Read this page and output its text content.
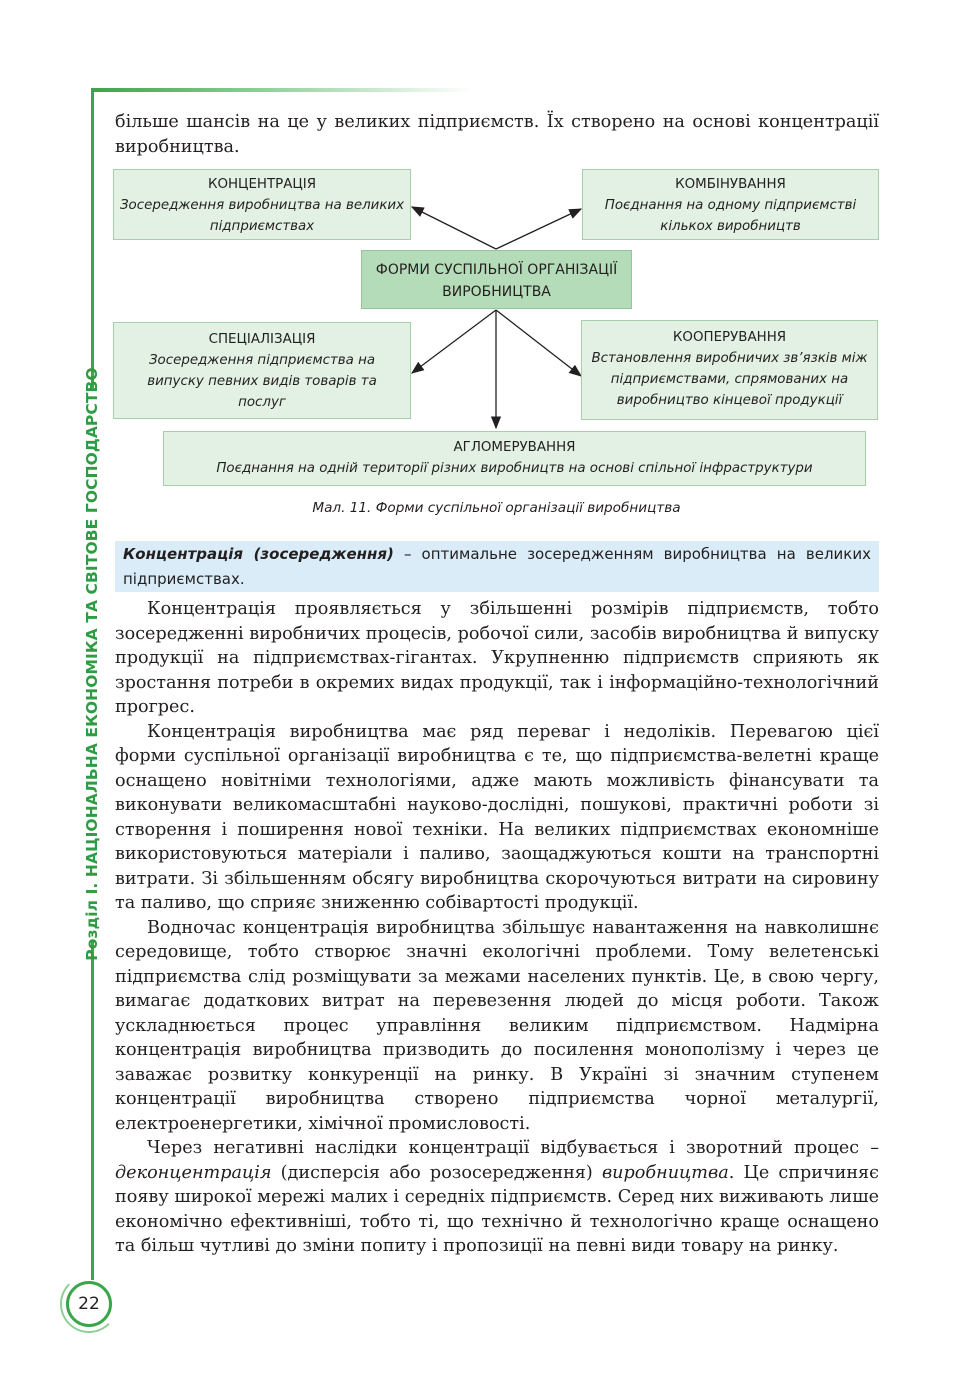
Розділ І. НАЦІОНАЛЬНА ЕКОНОМІКА ТА СВІТОВЕ ГОСПОДАРСТВО
22

більше шансів на це у великих підприємств. Їх створено на основі концентрації виробництва.

КОНЦЕНТРАЦІЯ
Зосередження виробництва на великих підприємствах
КОМБІНУВАННЯ
Поєднання на одному підприємстві кількох виробництв
ФОРМИ СУСПІЛЬНОЇ ОРГАНІЗАЦІЇ ВИРОБНИЦТВА
СПЕЦІАЛІЗАЦІЯ
Зосередження підприємства на випуску певних видів товарів та послуг
КООПЕРУВАННЯ
Встановлення виробничих зв’язків між підприємствами, спрямованих на виробництво кінцевої продукції
АГЛОМЕРУВАННЯ
Поєднання на одній території різних виробництв на основі спільної інфраструктури
Мал. 11. Форми суспільної організації виробництва
Концентрація (зосередження) – оптимальне зосередженням виробництва на великих підприємствах.

Концентрація проявляється у збільшенні розмірів підприємств, тобто зосередженні виробничих процесів, робочої сили, засобів виробництва й випуску продукції на підприємствах-гігантах. Укрупненню підприємств сприяють як зростання потреби в окремих видах продукції, так і інформаційно-технологічний прогрес.

Концентрація виробництва має ряд переваг і недоліків. Перевагою цієї форми суспільної організації виробництва є те, що підприємства-велетні краще оснащено новітніми технологіями, адже мають можливість фінансувати та виконувати великомасштабні науково-дослідні, пошукові, практичні роботи зі створення і поширення нової техніки. На великих підприємствах економніше використовуються матеріали і паливо, заощаджуються кошти на транспортні витрати. Зі збільшенням обсягу виробництва скорочуються витрати на сировину та паливо, що сприяє зниженню собівартості продукції.

Водночас концентрація виробництва збільшує навантаження на навколишнє середовище, тобто створює значні екологічні проблеми. Тому велетенські підприємства слід розміщувати за межами населених пунктів. Це, в свою чергу, вимагає додаткових витрат на перевезення людей до місця роботи. Також ускладнюється процес управління великим підприємством. Надмірна концентрація виробництва призводить до посилення монополізму і через це заважає розвитку конкуренції на ринку. В Україні зі значним ступенем концентрації виробництва створено підприємства чорної металургії, електроенергетики, хімічної промисловості.

Через негативні наслідки концентрації відбувається і зворотний процес – деконцентрація (дисперсія або розосередження) виробництва. Це спричиняє появу широкої мережі малих і середніх підприємств. Серед них виживають лише економічно ефективніші, тобто ті, що технічно й технологічно краще оснащено та більш чутливі до зміни попиту і пропозиції на певні види товару на ринку.
